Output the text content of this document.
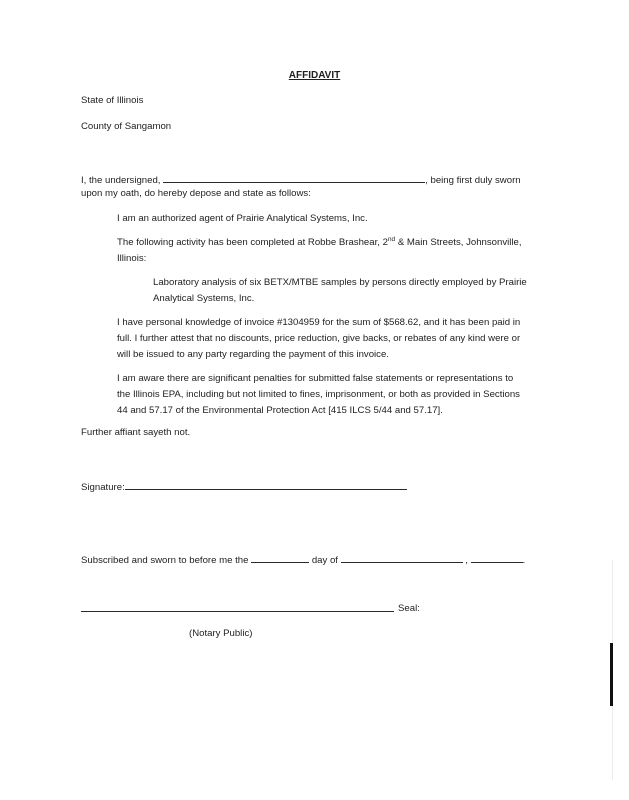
AFFIDAVIT
State of Illinois
County of Sangamon
I, the undersigned,	, being first duly sworn
upon my oath, do hereby depose and state as follows:
I am an authorized agent of Prairie Analytical Systems, Inc.
The following activity has been completed at Robbe Brashear, 2nd & Main Streets, Johnsonville,
Illinois:
Laboratory analysis of six BETX/MTBE samples by persons directly employed by Prairie
Analytical Systems, Inc.
I have personal knowledge of invoice #1304959 for the sum of $568.62, and it has been paid in
full. I further attest that no discounts, price reduction, give backs, or rebates of any kind were or
will be issued to any party regarding the payment of this invoice.
I am aware there are significant penalties for submitted false statements or representations to
the Illinois EPA, including but not limited to fines, imprisonment, or both as provided in Sections
44 and 57.17 of the Environmental Protection Act [415 ILCS 5/44 and 57.17].
Further affiant sayeth not.
Signature:
Subscribed and sworn to before me the	day of	,	.
Seal:
(Notary Public)
